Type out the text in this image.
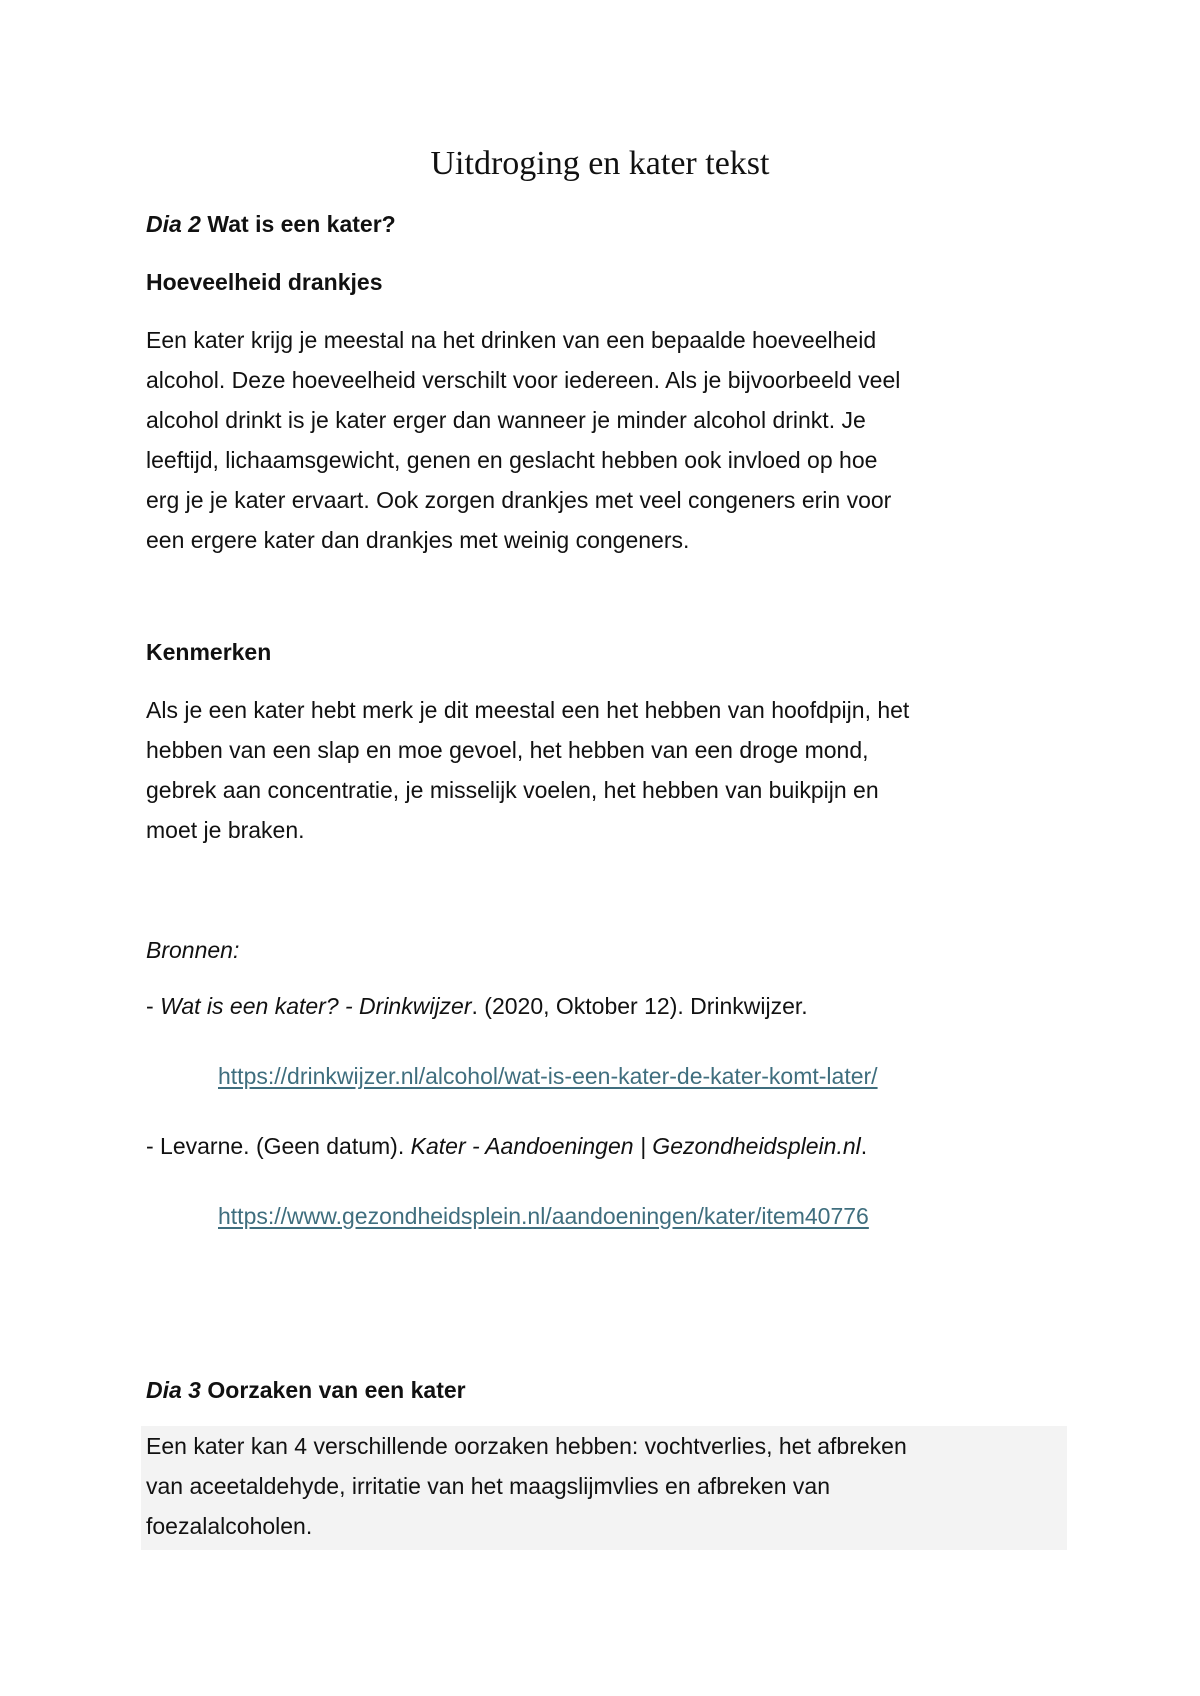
Uitdroging en kater tekst
Dia 2 Wat is een kater?
Hoeveelheid drankjes
Een kater krijg je meestal na het drinken van een bepaalde hoeveelheid
alcohol. Deze hoeveelheid verschilt voor iedereen. Als je bijvoorbeeld veel
alcohol drinkt is je kater erger dan wanneer je minder alcohol drinkt. Je
leeftijd, lichaamsgewicht, genen en geslacht hebben ook invloed op hoe
erg je je kater ervaart. Ook zorgen drankjes met veel congeners erin voor
een ergere kater dan drankjes met weinig congeners.
Kenmerken
Als je een kater hebt merk je dit meestal een het hebben van hoofdpijn, het
hebben van een slap en moe gevoel, het hebben van een droge mond,
gebrek aan concentratie, je misselijk voelen, het hebben van buikpijn en
moet je braken.
Bronnen:
- Wat is een kater? - Drinkwijzer. (2020, Oktober 12). Drinkwijzer.
https://drinkwijzer.nl/alcohol/wat-is-een-kater-de-kater-komt-later/
- Levarne. (Geen datum). Kater - Aandoeningen | Gezondheidsplein.nl.
https://www.gezondheidsplein.nl/aandoeningen/kater/item40776
Dia 3 Oorzaken van een kater
Een kater kan 4 verschillende oorzaken hebben: vochtverlies, het afbreken
van aceetaldehyde, irritatie van het maagslijmvlies en afbreken van
foezalalcoholen.
